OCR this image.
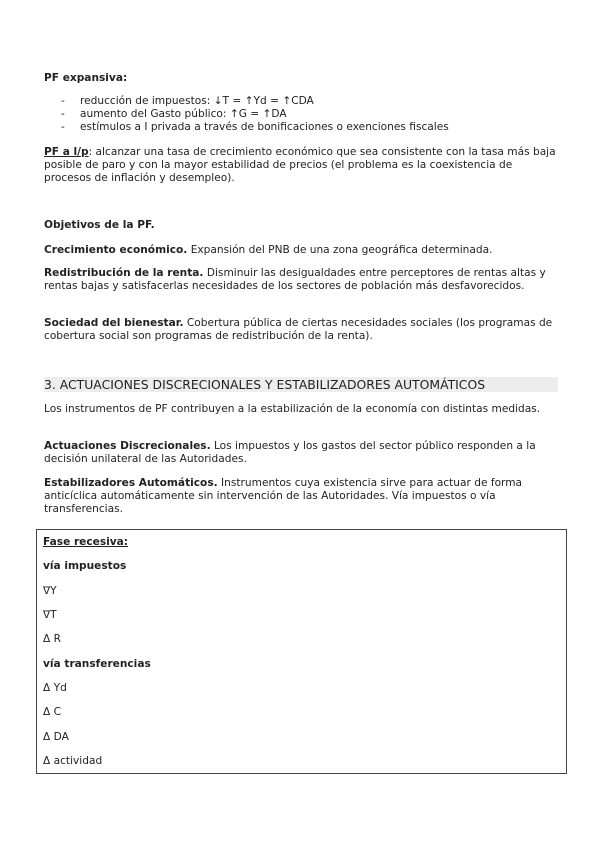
PF expansiva:
- reducción de impuestos: ↓T = ↑Yd = ↑CDA
- aumento del Gasto público: ↑G = ↑DA
- estímulos a I privada a través de bonificaciones o exenciones fiscales

PF a l/p: alcanzar una tasa de crecimiento económico que sea consistente con la tasa más baja posible de paro y con la mayor estabilidad de precios (el problema es la coexistencia de procesos de inflación y desempleo).

Objetivos de la PF.

Crecimiento económico. Expansión del PNB de una zona geográfica determinada.

Redistribución de la renta. Disminuir las desigualdades entre perceptores de rentas altas y rentas bajas y satisfacerlas necesidades de los sectores de población más desfavorecidos.

Sociedad del bienestar. Cobertura pública de ciertas necesidades sociales (los programas de cobertura social son programas de redistribución de la renta).

3. ACTUACIONES DISCRECIONALES Y ESTABILIZADORES AUTOMÁTICOS

Los instrumentos de PF contribuyen a la estabilización de la economía con distintas medidas.

Actuaciones Discrecionales. Los impuestos y los gastos del sector público responden a la decisión unilateral de las Autoridades.

Estabilizadores Automáticos. Instrumentos cuya existencia sirve para actuar de forma anticíclica automáticamente sin intervención de las Autoridades. Vía impuestos o vía transferencias.

Fase recesiva:
vía impuestos
∇Y
∇T
Δ R
vía transferencias
Δ Yd
Δ C
Δ DA
Δ actividad
